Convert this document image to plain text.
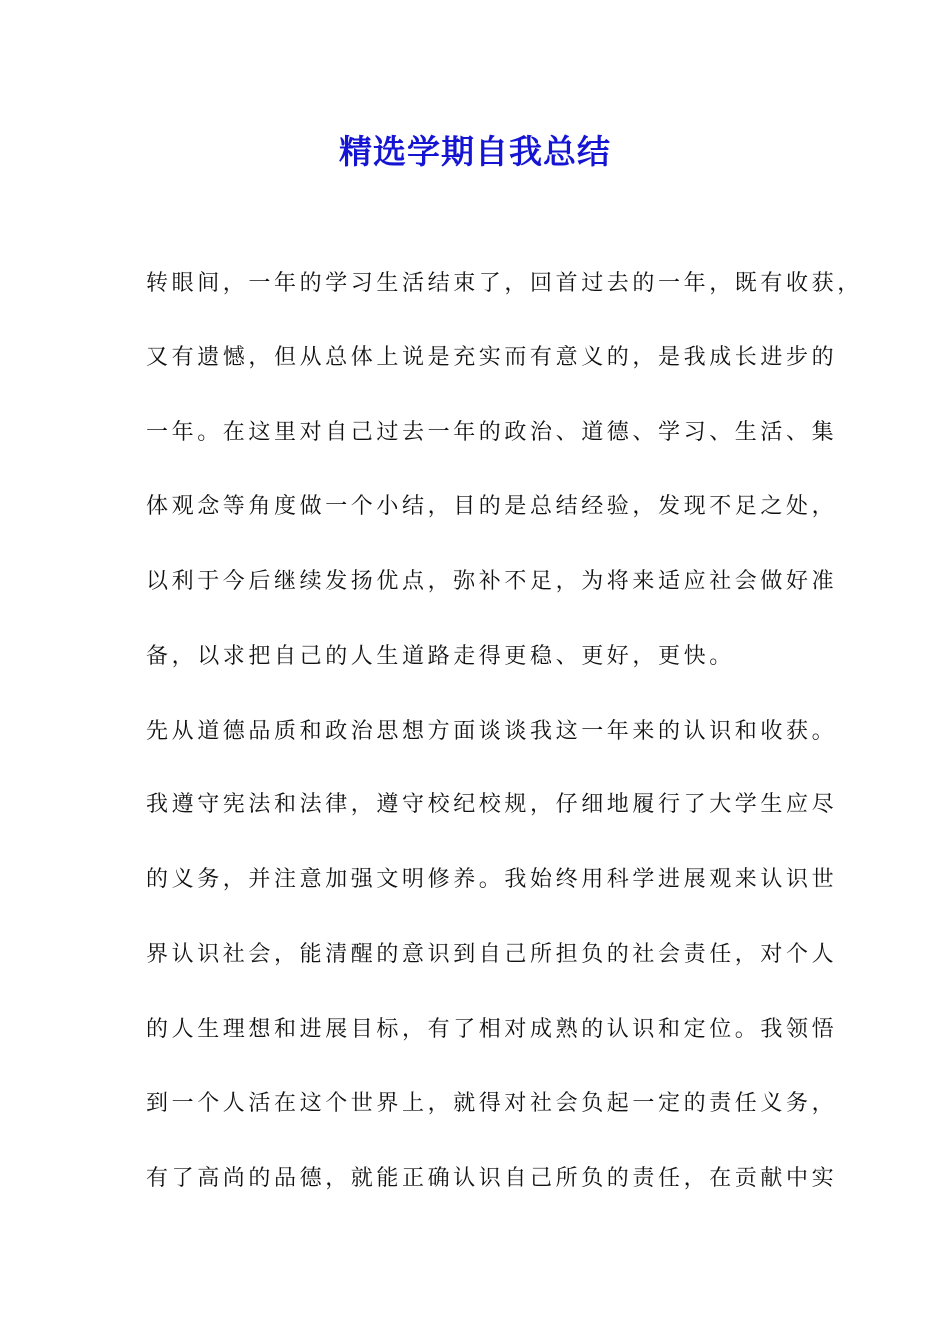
精选学期自我总结
转眼间，一年的学习生活结束了，回首过去的一年，既有收获，
又有遗憾，但从总体上说是充实而有意义的，是我成长进步的
一年。在这里对自己过去一年的政治、道德、学习、生活、集
体观念等角度做一个小结，目的是总结经验，发现不足之处，
以利于今后继续发扬优点，弥补不足，为将来适应社会做好准
备，以求把自己的人生道路走得更稳、更好，更快。
先从道德品质和政治思想方面谈谈我这一年来的认识和收获。
我遵守宪法和法律，遵守校纪校规，仔细地履行了大学生应尽
的义务，并注意加强文明修养。我始终用科学进展观来认识世
界认识社会，能清醒的意识到自己所担负的社会责任，对个人
的人生理想和进展目标，有了相对成熟的认识和定位。我领悟
到一个人活在这个世界上，就得对社会负起一定的责任义务，
有了高尚的品德，就能正确认识自己所负的责任，在贡献中实
